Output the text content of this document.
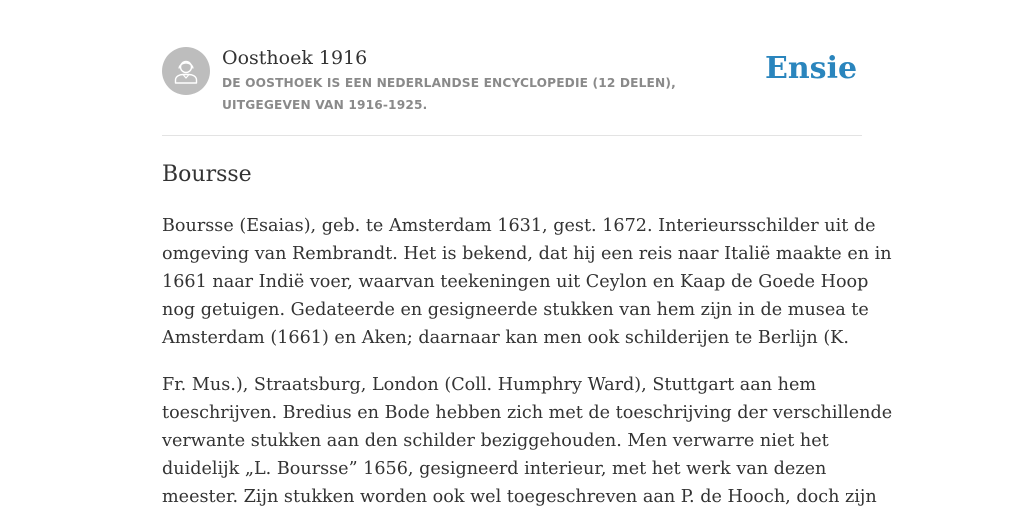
Oosthoek 1916
DE OOSTHOEK IS EEN NEDERLANDSE ENCYCLOPEDIE (12 DELEN), UITGEGEVEN VAN 1916-1925.
Ensie
Boursse

Boursse (Esaias), geb. te Amsterdam 1631, gest. 1672. Interieursschilder uit de
omgeving van Rembrandt. Het is bekend, dat hij een reis naar Italië maakte en in
1661 naar Indië voer, waarvan teekeningen uit Ceylon en Kaap de Goede Hoop
nog getuigen. Gedateerde en gesigneerde stukken van hem zijn in de musea te
Amsterdam (1661) en Aken; daarnaar kan men ook schilderijen te Berlijn (K.

Fr. Mus.), Straatsburg, London (Coll. Humphry Ward), Stuttgart aan hem
toeschrijven. Bredius en Bode hebben zich met de toeschrijving der verschillende
verwante stukken aan den schilder beziggehouden. Men verwarre niet het
duidelijk „L. Boursse” 1656, gesigneerd interieur, met het werk van dezen
meester. Zijn stukken worden ook wel toegeschreven aan P. de Hooch, doch zijn
